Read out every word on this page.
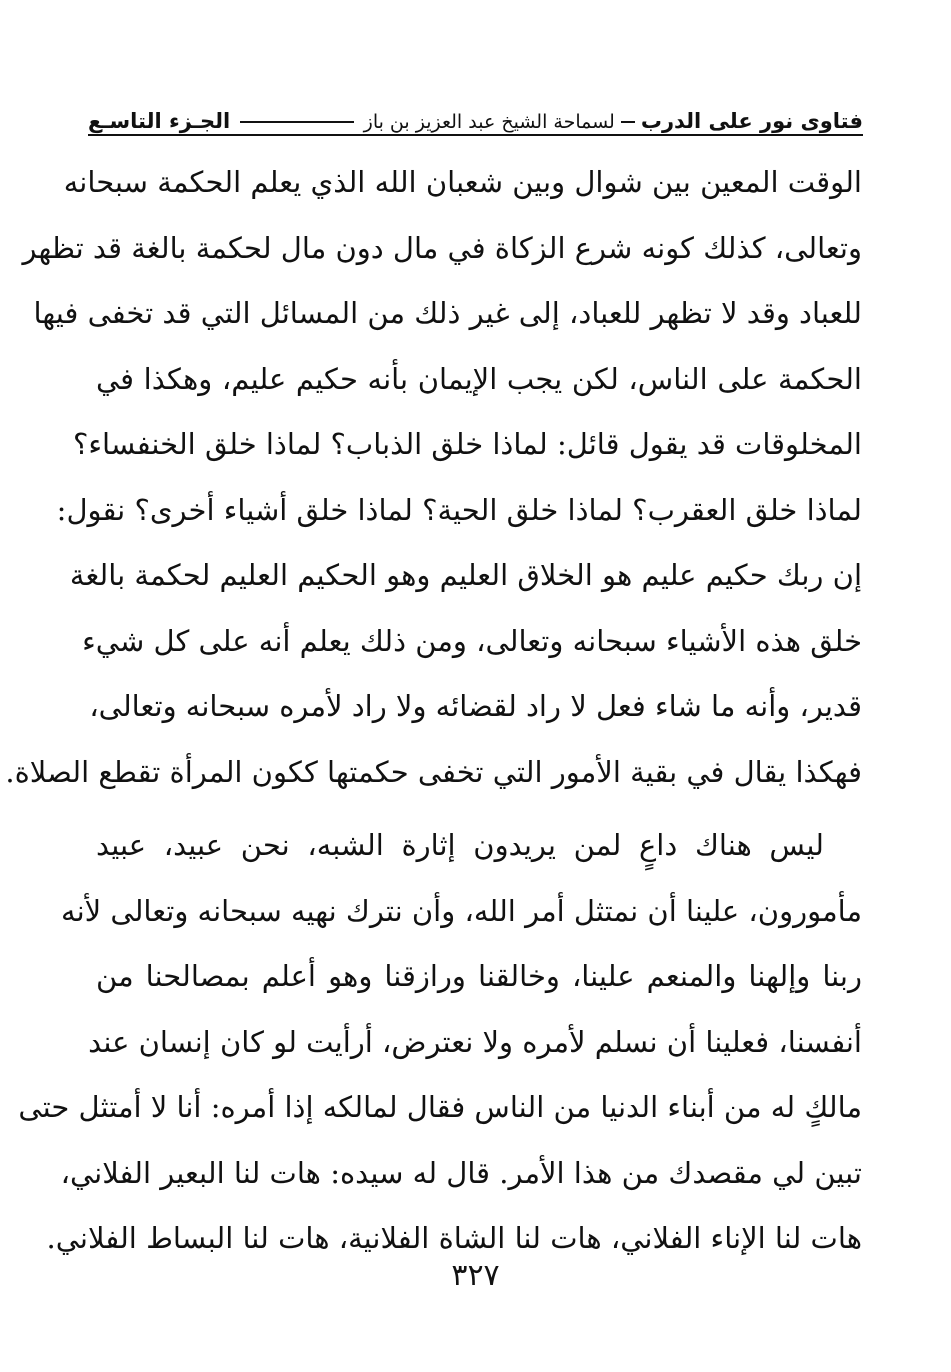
فتاوى نور على الدرب
لسماحة الشيخ عبد العزيز بن باز
الجـزء التاسـع
الوقت المعين بين شوال وبين شعبان الله الذي يعلم الحكمة سبحانه
وتعالى، كذلك كونه شرع الزكاة في مال دون مال لحكمة بالغة قد تظهر
للعباد وقد لا تظهر للعباد، إلى غير ذلك من المسائل التي قد تخفى فيها
الحكمة على الناس، لكن يجب الإيمان بأنه حكيم عليم، وهكذا في
المخلوقات قد يقول قائل: لماذا خلق الذباب؟ لماذا خلق الخنفساء؟
لماذا خلق العقرب؟ لماذا خلق الحية؟ لماذا خلق أشياء أخرى؟ نقول:
إن ربك حكيم عليم هو الخلاق العليم وهو الحكيم العليم لحكمة بالغة
خلق هذه الأشياء سبحانه وتعالى، ومن ذلك يعلم أنه على كل شيء
قدير، وأنه ما شاء فعل لا راد لقضائه ولا راد لأمره سبحانه وتعالى،
فهكذا يقال في بقية الأمور التي تخفى حكمتها ككون المرأة تقطع الصلاة.
ليس هناك داعٍ لمن يريدون إثارة الشبه، نحن عبيد، عبيد
مأمورون، علينا أن نمتثل أمر الله، وأن نترك نهيه سبحانه وتعالى لأنه
ربنا وإلهنا والمنعم علينا، وخالقنا ورازقنا وهو أعلم بمصالحنا من
أنفسنا، فعلينا أن نسلم لأمره ولا نعترض، أرأيت لو كان إنسان عند
مالكٍ له من أبناء الدنيا من الناس فقال لمالكه إذا أمره: أنا لا أمتثل حتى
تبين لي مقصدك من هذا الأمر. قال له سيده: هات لنا البعير الفلاني،
هات لنا الإناء الفلاني، هات لنا الشاة الفلانية، هات لنا البساط الفلاني.
٣٢٧
